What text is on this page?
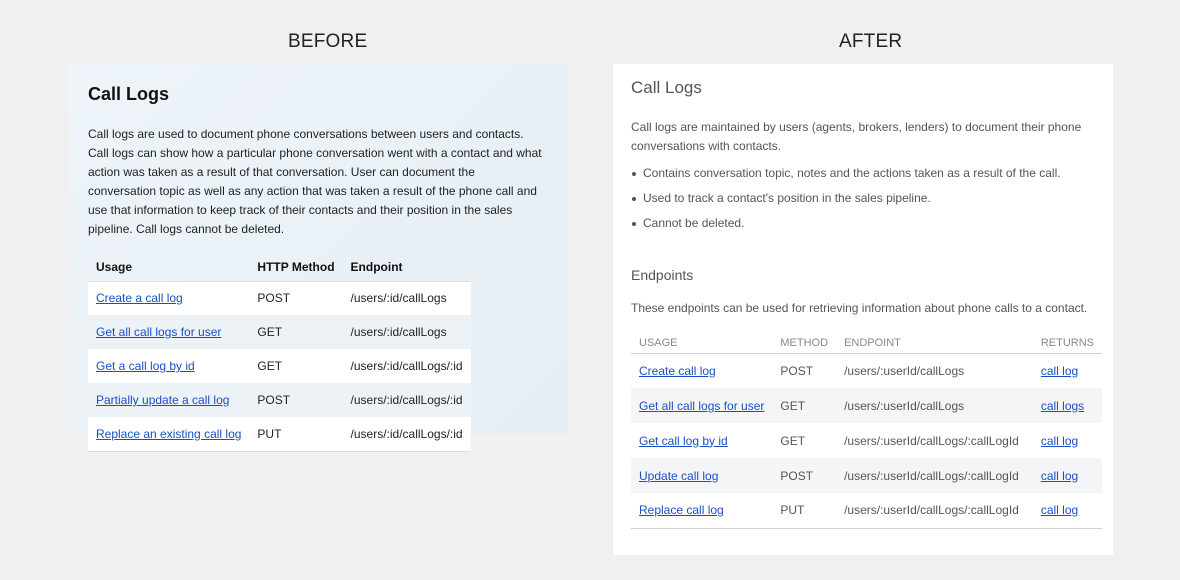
BEFORE	AFTER
Call Logs

Call logs are used to document phone conversations between users and contacts. Call logs can show how a particular phone conversation went with a contact and what action was taken as a result of that conversation. User can document the conversation topic as well as any action that was taken a result of the phone call and use that information to keep track of their contacts and their position in the sales pipeline. Call logs cannot be deleted.

Usage	HTTP Method	Endpoint
Create a call log	POST	/users/:id/callLogs
Get all call logs for user	GET	/users/:id/callLogs
Get a call log by id	GET	/users/:id/callLogs/:id
Partially update a call log	POST	/users/:id/callLogs/:id
Replace an existing call log	PUT	/users/:id/callLogs/:id
Call Logs

Call logs are maintained by users (agents, brokers, lenders) to document their phone conversations with contacts.

Contains conversation topic, notes and the actions taken as a result of the call.
Used to track a contact's position in the sales pipeline.
Cannot be deleted.
Endpoints

These endpoints can be used for retrieving information about phone calls to a contact.

USAGE	METHOD	ENDPOINT	RETURNS
Create call log	POST	/users/:userId/callLogs	call log
Get all call logs for user	GET	/users/:userId/callLogs	call logs
Get call log by id	GET	/users/:userId/callLogs/:callLogId	call log
Update call log	POST	/users/:userId/callLogs/:callLogId	call log
Replace call log	PUT	/users/:userId/callLogs/:callLogId	call log
